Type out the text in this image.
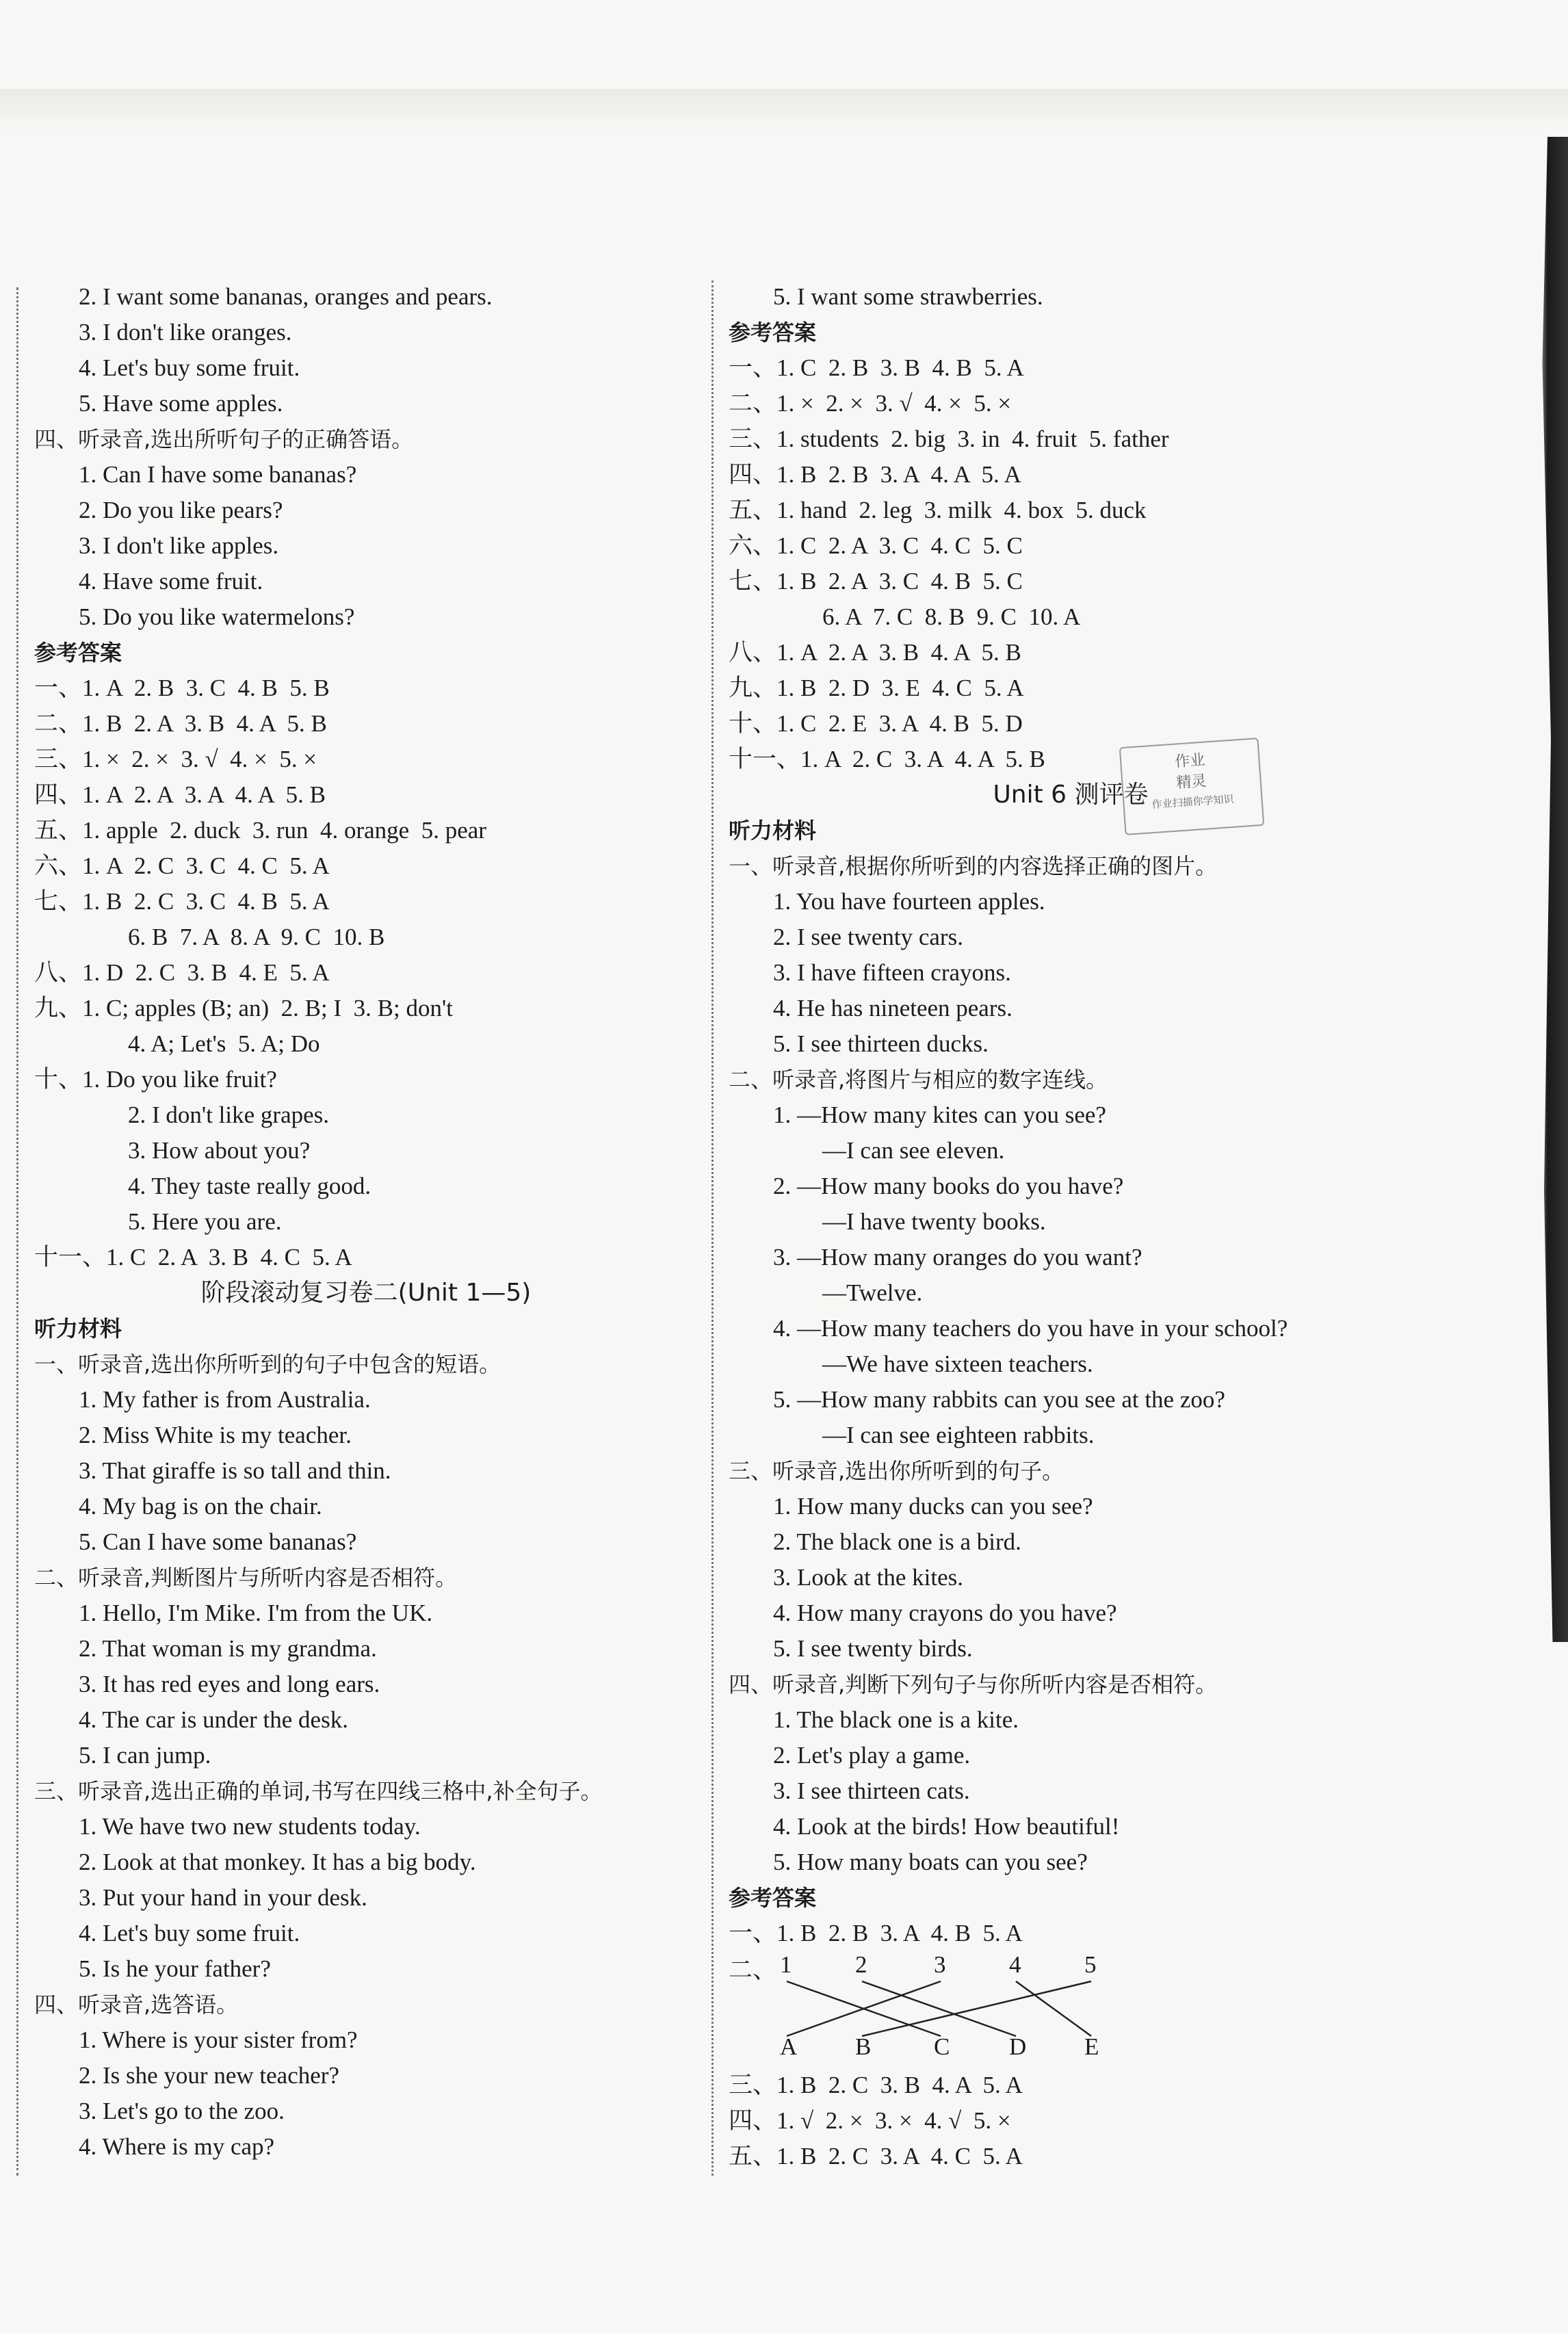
2. I want some bananas, oranges and pears.
3. I don't like oranges.
4. Let's buy some fruit.
5. Have some apples.
四、听录音,选出所听句子的正确答语。
1. Can I have some bananas?
2. Do you like pears?
3. I don't like apples.
4. Have some fruit.
5. Do you like watermelons?
参考答案
一、1. A  2. B  3. C  4. B  5. B
二、1. B  2. A  3. B  4. A  5. B
三、1. ×  2. ×  3. √  4. ×  5. ×
四、1. A  2. A  3. A  4. A  5. B
五、1. apple  2. duck  3. run  4. orange  5. pear
六、1. A  2. C  3. C  4. C  5. A
七、1. B  2. C  3. C  4. B  5. A
6. B  7. A  8. A  9. C  10. B
八、1. D  2. C  3. B  4. E  5. A
九、1. C; apples (B; an)  2. B; I  3. B; don't
4. A; Let's  5. A; Do
十、1. Do you like fruit?
2. I don't like grapes.
3. How about you?
4. They taste really good.
5. Here you are.
十一、1. C  2. A  3. B  4. C  5. A
阶段滚动复习卷二(Unit 1—5)
听力材料
一、听录音,选出你所听到的句子中包含的短语。
1. My father is from Australia.
2. Miss White is my teacher.
3. That giraffe is so tall and thin.
4. My bag is on the chair.
5. Can I have some bananas?
二、听录音,判断图片与所听内容是否相符。
1. Hello, I'm Mike. I'm from the UK.
2. That woman is my grandma.
3. It has red eyes and long ears.
4. The car is under the desk.
5. I can jump.
三、听录音,选出正确的单词,书写在四线三格中,补全句子。
1. We have two new students today.
2. Look at that monkey. It has a big body.
3. Put your hand in your desk.
4. Let's buy some fruit.
5. Is he your father?
四、听录音,选答语。
1. Where is your sister from?
2. Is she your new teacher?
3. Let's go to the zoo.
4. Where is my cap?
5. I want some strawberries.
参考答案
一、1. C  2. B  3. B  4. B  5. A
二、1. ×  2. ×  3. √  4. ×  5. ×
三、1. students  2. big  3. in  4. fruit  5. father
四、1. B  2. B  3. A  4. A  5. A
五、1. hand  2. leg  3. milk  4. box  5. duck
六、1. C  2. A  3. C  4. C  5. C
七、1. B  2. A  3. C  4. B  5. C
6. A  7. C  8. B  9. C  10. A
八、1. A  2. A  3. B  4. A  5. B
九、1. B  2. D  3. E  4. C  5. A
十、1. C  2. E  3. A  4. B  5. D
十一、1. A  2. C  3. A  4. A  5. B
Unit 6 测评卷
听力材料
一、听录音,根据你所听到的内容选择正确的图片。
1. You have fourteen apples.
2. I see twenty cars.
3. I have fifteen crayons.
4. He has nineteen pears.
5. I see thirteen ducks.
二、听录音,将图片与相应的数字连线。
1. —How many kites can you see?
—I can see eleven.
2. —How many books do you have?
—I have twenty books.
3. —How many oranges do you want?
—Twelve.
4. —How many teachers do you have in your school?
—We have sixteen teachers.
5. —How many rabbits can you see at the zoo?
—I can see eighteen rabbits.
三、听录音,选出你所听到的句子。
1. How many ducks can you see?
2. The black one is a bird.
3. Look at the kites.
4. How many crayons do you have?
5. I see twenty birds.
四、听录音,判断下列句子与你所听内容是否相符。
1. The black one is a kite.
2. Let's play a game.
3. I see thirteen cats.
4. Look at the birds! How beautiful!
5. How many boats can you see?
参考答案
一、1. B  2. B  3. A  4. B  5. A
二、 1	2	3	4	5
A B	C D E
三、1. B  2. C  3. B  4. A  5. A
四、1. √  2. ×  3. ×  4. √  5. ×
五、1. B  2. C  3. A  4. C  5. A
作业
精灵
作业扫描你学知识
